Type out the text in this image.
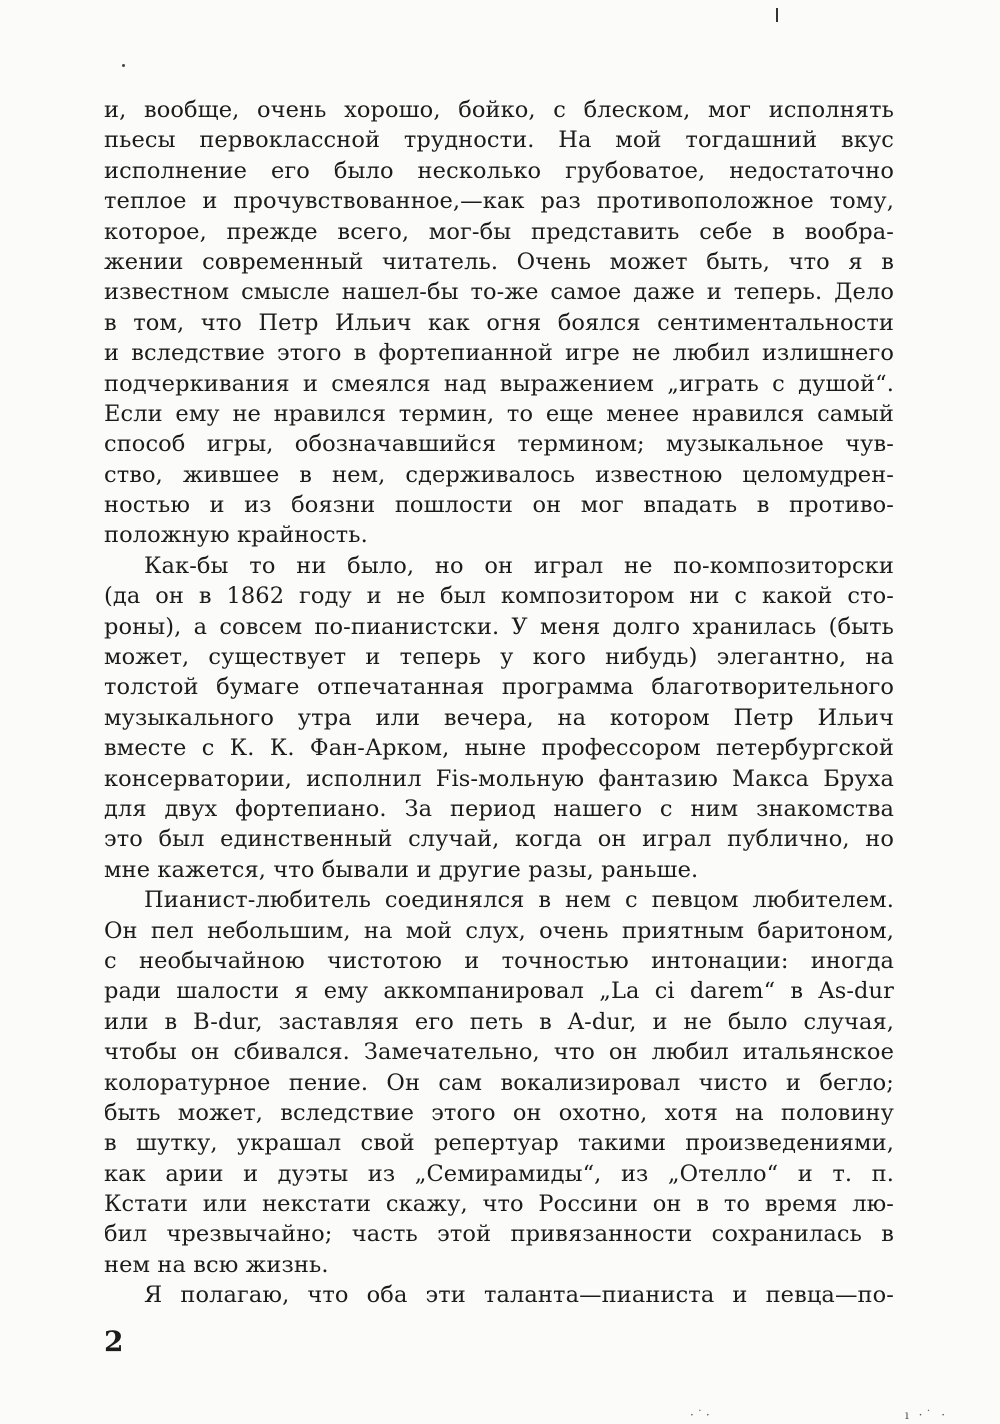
и, вообще, очень хорошо, бойко, с блеском, мог исполнять
пьесы первоклассной трудности. На мой тогдашний вкус
исполнение его было несколько грубоватое, недостаточно
теплое и прочувствованное,—как раз противоположное тому,
которое, прежде всего, мог-бы представить себе в вообра-
жении современный читатель. Очень может быть, что я в
известном смысле нашел-бы то-же самое даже и теперь. Дело
в том, что Петр Ильич как огня боялся сентиментальности
и вследствие этого в фортепианной игре не любил излишнего
подчеркивания и смеялся над выражением „играть с душой“.
Если ему не нравился термин, то еще менее нравился самый
способ игры, обозначавшийся термином; музыкальное чув-
ство, жившее в нем, сдерживалось известною целомудрен-
ностью и из боязни пошлости он мог впадать в противо-
положную крайность.
Как-бы то ни было, но он играл не по-композиторски
(да он в 1862 году и не был композитором ни с какой сто-
роны), а совсем по-пианистски. У меня долго хранилась (быть
может, существует и теперь у кого нибудь) элегантно, на
толстой бумаге отпечатанная программа благотворительного
музыкального утра или вечера, на котором Петр Ильич
вместе с К. К. Фан-Арком, ныне профессором петербургской
консерватории, исполнил Fis-мольную фантазию Макса Бруха
для двух фортепиано. За период нашего с ним знакомства
это был единственный случай, когда он играл публично, но
мне кажется, что бывали и другие разы, раньше.
Пианист-любитель соединялся в нем с певцом любителем.
Он пел небольшим, на мой слух, очень приятным баритоном,
с необычайною чистотою и точностью интонации: иногда
ради шалости я ему аккомпанировал „La ci darem“ в As-dur
или в B-dur, заставляя его петь в A-dur, и не было случая,
чтобы он сбивался. Замечательно, что он любил итальянское
колоратурное пение. Он сам вокализировал чисто и бегло;
быть может, вследствие этого он охотно, хотя на половину
в шутку, украшал свой репертуар такими произведениями,
как арии и дуэты из „Семирамиды“, из „Отелло“ и т. п.
Кстати или некстати скажу, что Россини он в то время лю-
бил чрезвычайно; часть этой привязанности сохранилась в
нем на всю жизнь.
Я полагаю, что оба эти таланта—пианиста и певца—по-
2
·˙·	ı ·˙ ·
